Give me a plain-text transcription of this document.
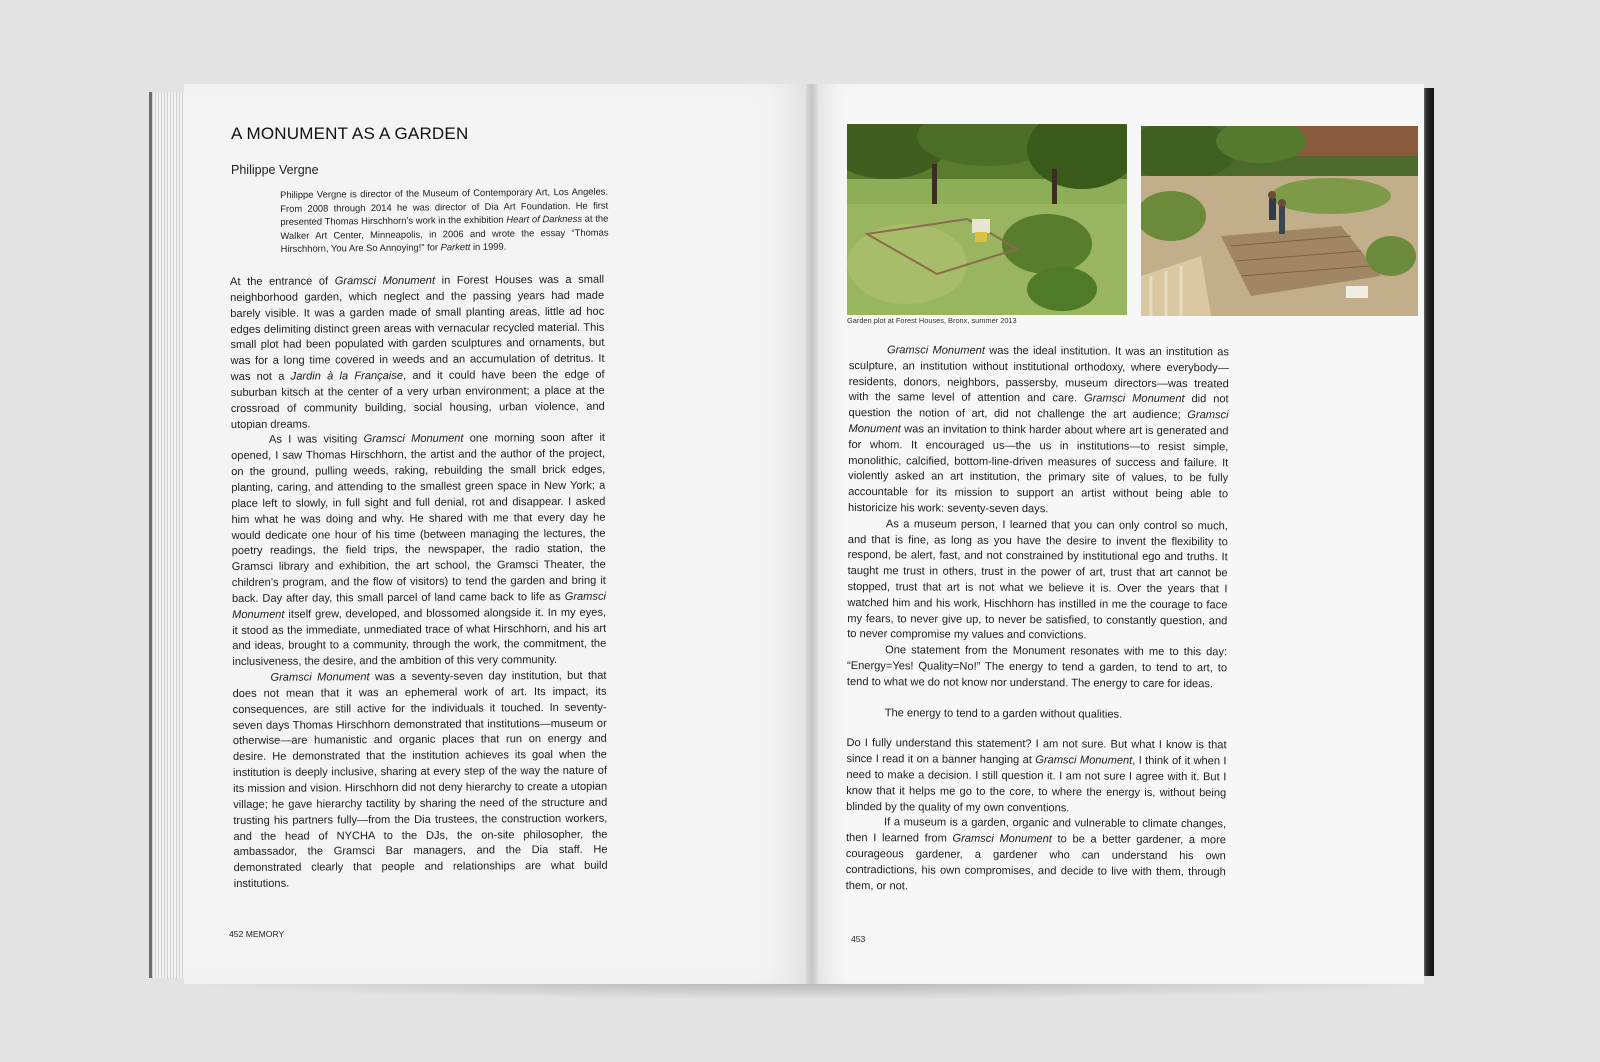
A MONUMENT AS A GARDEN
Philippe Vergne
Philippe Vergne is director of the Museum of Contemporary Art, Los Angeles. From 2008 through 2014 he was director of Dia Art Foundation. He first presented Thomas Hirschhorn’s work in the exhibition Heart of Darkness at the Walker Art Center, Minneapolis, in 2006 and wrote the essay “Thomas Hirschhorn, You Are So Annoying!” for Parkett in 1999.

At the entrance of Gramsci Monument in Forest Houses was a small neighborhood garden, which neglect and the passing years had made barely visible. It was a garden made of small planting areas, little ad hoc edges delimiting distinct green areas with vernacular recycled material. This small plot had been populated with garden sculptures and ornaments, but was for a long time covered in weeds and an accumulation of detritus. It was not a Jardin à la Française, and it could have been the edge of suburban kitsch at the center of a very urban environment; a place at the crossroad of community building, social housing, urban violence, and utopian dreams.

As I was visiting Gramsci Monument one morning soon after it opened, I saw Thomas Hirschhorn, the artist and the author of the project, on the ground, pulling weeds, raking, rebuilding the small brick edges, planting, caring, and attending to the smallest green space in New York; a place left to slowly, in full sight and full denial, rot and disappear. I asked him what he was doing and why. He shared with me that every day he would dedicate one hour of his time (between managing the lectures, the poetry readings, the field trips, the newspaper, the radio station, the Gramsci library and exhibition, the art school, the Gramsci Theater, the children’s program, and the flow of visitors) to tend the garden and bring it back. Day after day, this small parcel of land came back to life as Gramsci Monument itself grew, developed, and blossomed alongside it. In my eyes, it stood as the immediate, unmediated trace of what Hirschhorn, and his art and ideas, brought to a community, through the work, the commitment, the inclusiveness, the desire, and the ambition of this very community.

Gramsci Monument was a seventy-seven day institution, but that does not mean that it was an ephemeral work of art. Its impact, its consequences, are still active for the individuals it touched. In seventy-seven days Thomas Hirschhorn demonstrated that institutions—museum or otherwise—are humanistic and organic places that run on energy and desire. He demonstrated that the institution achieves its goal when the institution is deeply inclusive, sharing at every step of the way the nature of its mission and vision. Hirschhorn did not deny hierarchy to create a utopian village; he gave hierarchy tactility by sharing the need of the structure and trusting his partners fully—from the Dia trustees, the construction workers, and the head of NYCHA to the DJs, the on-site philosopher, the ambassador, the Gramsci Bar managers, and the Dia staff. He demonstrated clearly that people and relationships are what build institutions.

452 MEMORY
Garden plot at Forest Houses, Bronx, summer 2013

Gramsci Monument was the ideal institution. It was an institution as sculpture, an institution without institutional orthodoxy, where everybody—residents, donors, neighbors, passersby, museum directors—was treated with the same level of attention and care. Gramsci Monument did not question the notion of art, did not challenge the art audience; Gramsci Monument was an invitation to think harder about where art is generated and for whom. It encouraged us—the us in institutions—to resist simple, monolithic, calcified, bottom-line-driven measures of success and failure. It violently asked an art institution, the primary site of values, to be fully accountable for its mission to support an artist without being able to historicize his work: seventy-seven days.

As a museum person, I learned that you can only control so much, and that is fine, as long as you have the desire to invent the flexibility to respond, be alert, fast, and not constrained by institutional ego and truths. It taught me trust in others, trust in the power of art, trust that art cannot be stopped, trust that art is not what we believe it is. Over the years that I watched him and his work, Hischhorn has instilled in me the courage to face my fears, to never give up, to never be satisfied, to constantly question, and to never compromise my values and convictions.

One statement from the Monument resonates with me to this day: “Energy=Yes! Quality=No!” The energy to tend a garden, to tend to art, to tend to what we do not know nor understand. The energy to care for ideas.

The energy to tend to a garden without qualities.

Do I fully understand this statement? I am not sure. But what I know is that since I read it on a banner hanging at Gramsci Monument, I think of it when I need to make a decision. I still question it. I am not sure I agree with it. But I know that it helps me go to the core, to where the energy is, without being blinded by the quality of my own conventions.

If a museum is a garden, organic and vulnerable to climate changes, then I learned from Gramsci Monument to be a better gardener, a more courageous gardener, a gardener who can understand his own contradictions, his own compromises, and decide to live with them, through them, or not.

453
